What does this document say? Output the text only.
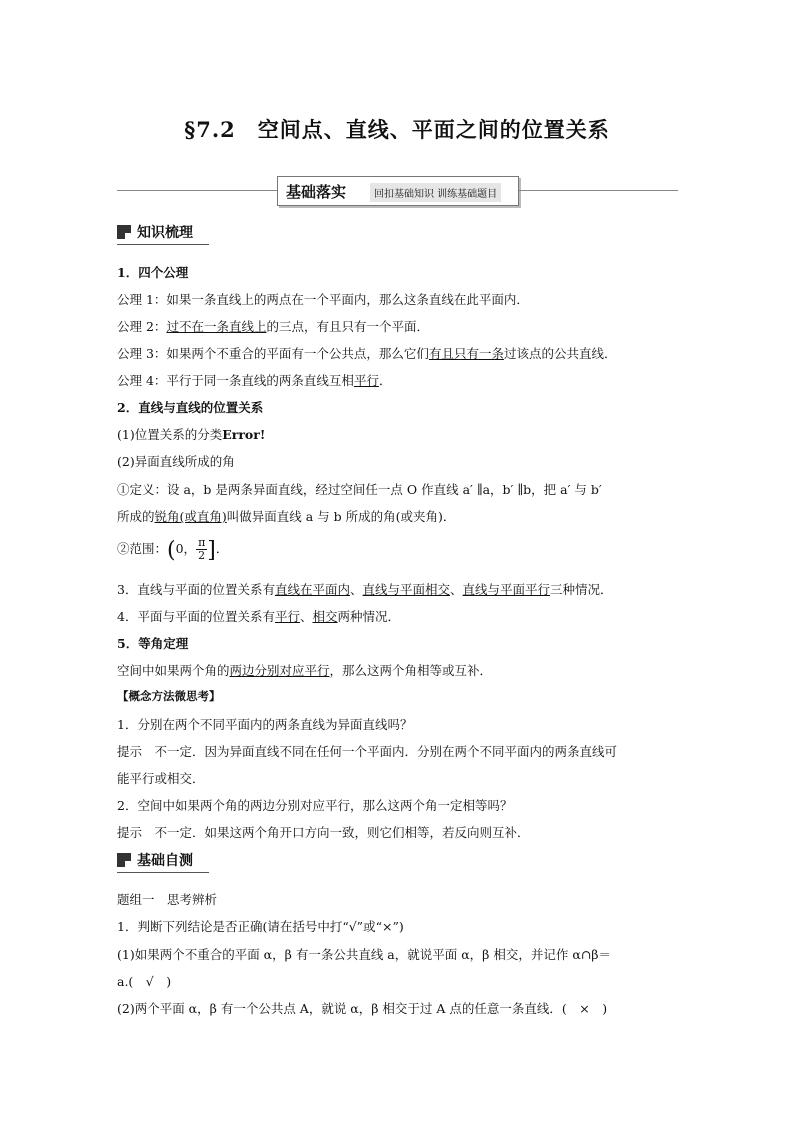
§7.2　空间点、直线、平面之间的位置关系
基础落实	回扣基础知识 训练基础题目
知识梳理
1．四个公理
公理 1：如果一条直线上的两点在一个平面内，那么这条直线在此平面内．
公理 2：过不在一条直线上的三点，有且只有一个平面．
公理 3：如果两个不重合的平面有一个公共点，那么它们有且只有一条过该点的公共直线．
公理 4：平行于同一条直线的两条直线互相平行．
2．直线与直线的位置关系
(1)位置关系的分类Error!
(2)异面直线所成的角
①定义：设 a，b 是两条异面直线，经过空间任一点 O 作直线 a′ ∥a，b′ ∥b，把 a′ 与 b′
所成的锐角(或直角)叫做异面直线 a 与 b 所成的角(或夹角)．
②范围：(0， $\frac{\pi}{2}$ ]．
3．直线与平面的位置关系有直线在平面内、直线与平面相交、直线与平面平行三种情况．
4．平面与平面的位置关系有平行、相交两种情况．
5．等角定理
空间中如果两个角的两边分别对应平行，那么这两个角相等或互补．
【概念方法微思考】
1．分别在两个不同平面内的两条直线为异面直线吗？
提示　不一定．因为异面直线不同在任何一个平面内．分别在两个不同平面内的两条直线可
能平行或相交．
2．空间中如果两个角的两边分别对应平行，那么这两个角一定相等吗？
提示　不一定．如果这两个角开口方向一致，则它们相等，若反向则互补．
基础自测
题组一　思考辨析
1．判断下列结论是否正确(请在括号中打“√”或“×”)
(1)如果两个不重合的平面 α，β 有一条公共直线 a，就说平面 α，β 相交，并记作 α∩β＝
a.(　√　)
(2)两个平面 α，β 有一个公共点 A，就说 α，β 相交于过 A 点的任意一条直线．(　×　)
